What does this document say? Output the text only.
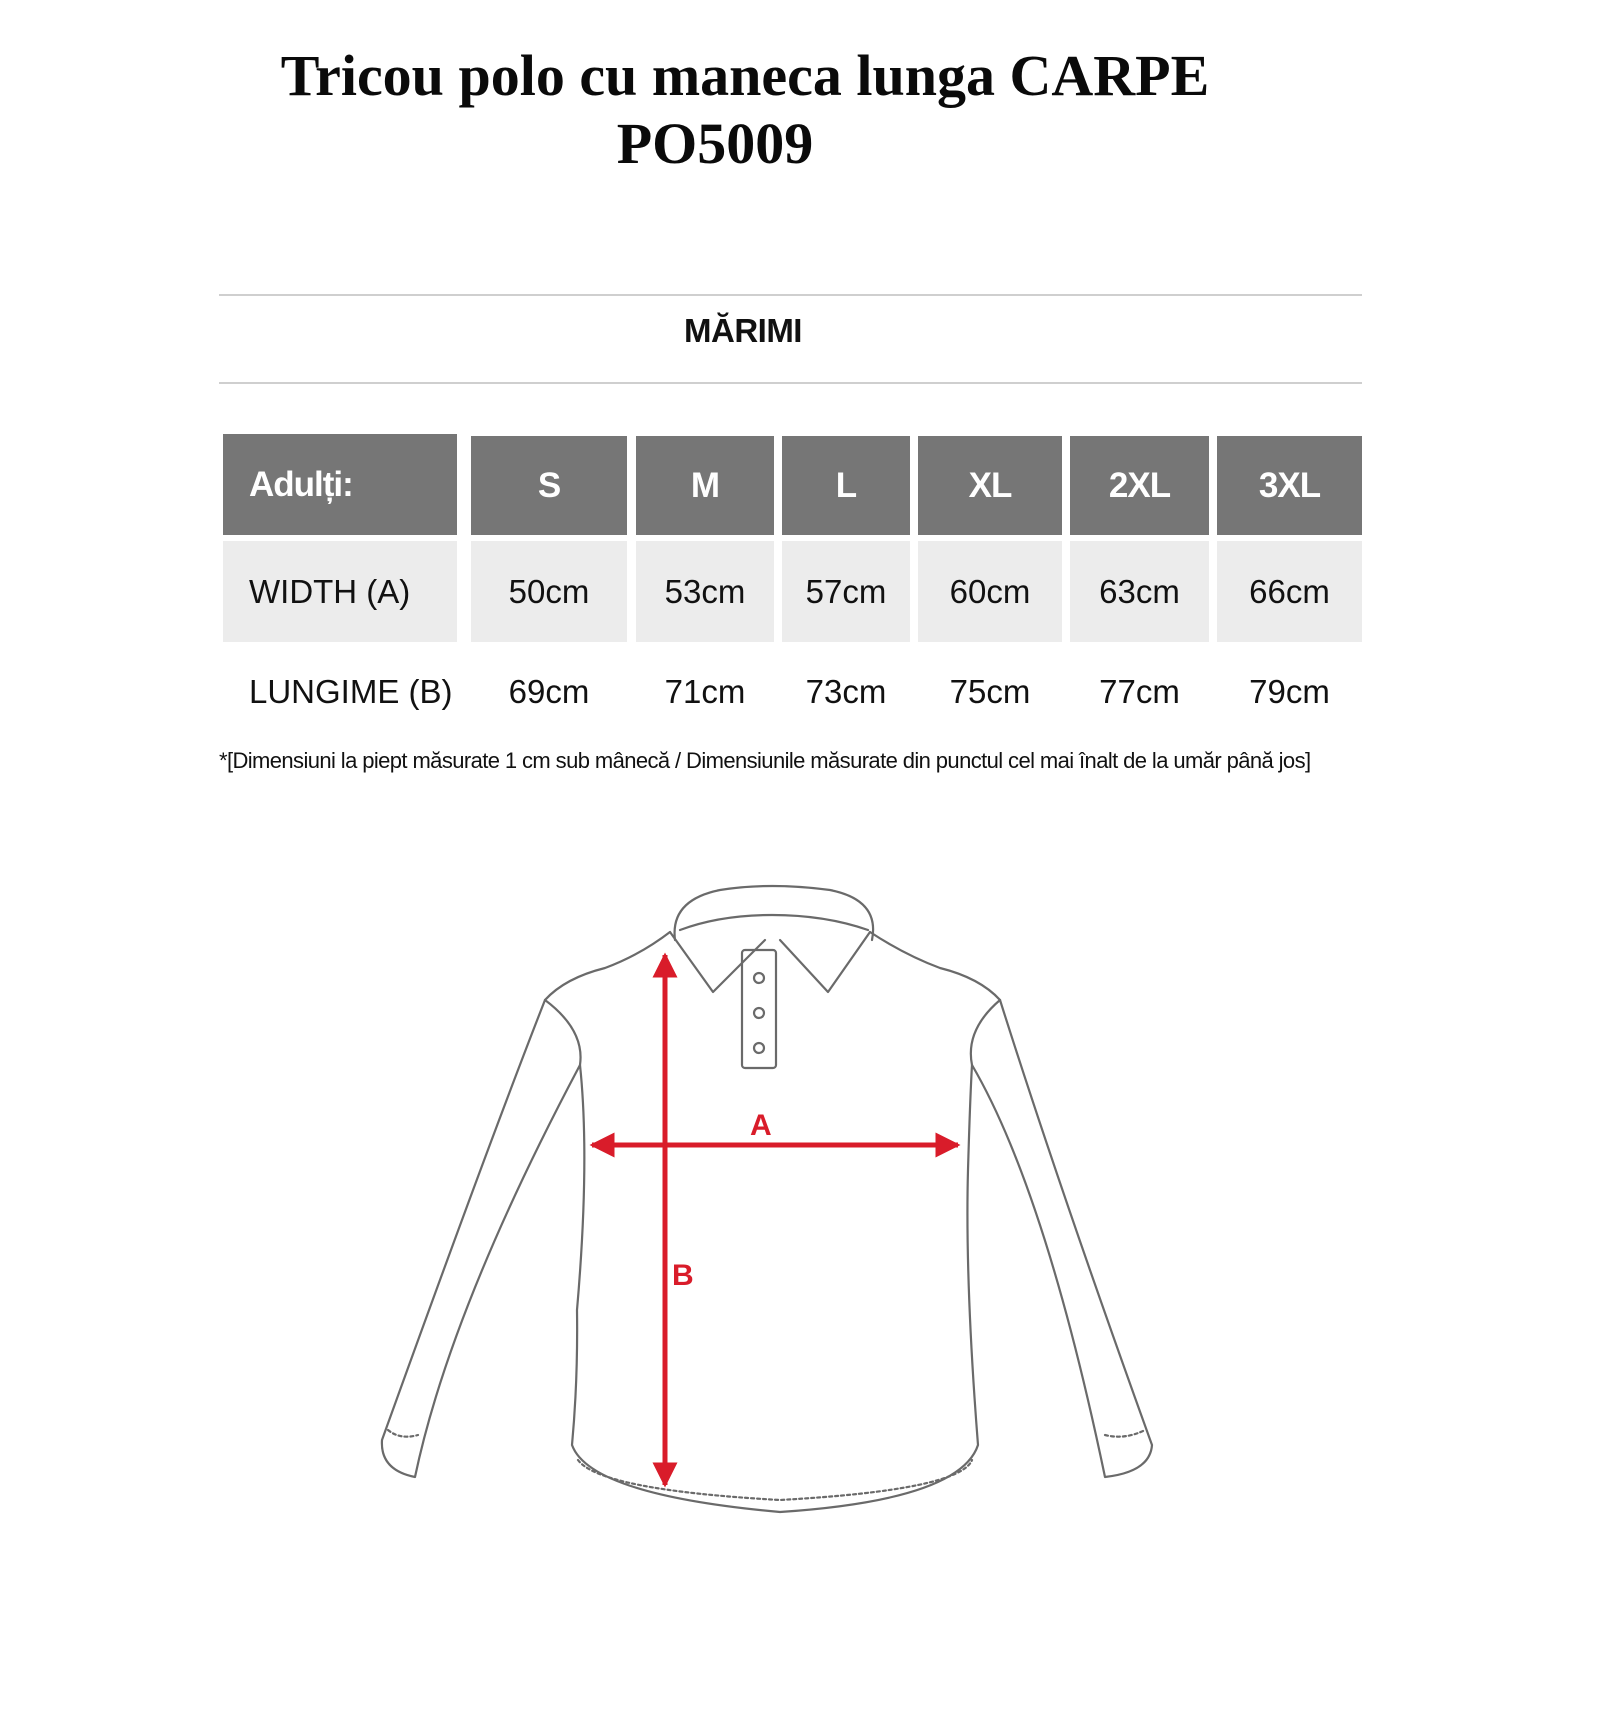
Tricou polo cu maneca lunga CARPE
PO5009
MĂRIMI
Adulți:	S	M	L	XL	2XL	3XL
WIDTH (A)	50cm	53cm	57cm	60cm	63cm	66cm
LUNGIME (B)	69cm	71cm	73cm	75cm	77cm	79cm
*[Dimensiuni la piept măsurate 1 cm sub mânecă / Dimensiunile măsurate din punctul cel mai înalt de la umăr până jos]
A
B
